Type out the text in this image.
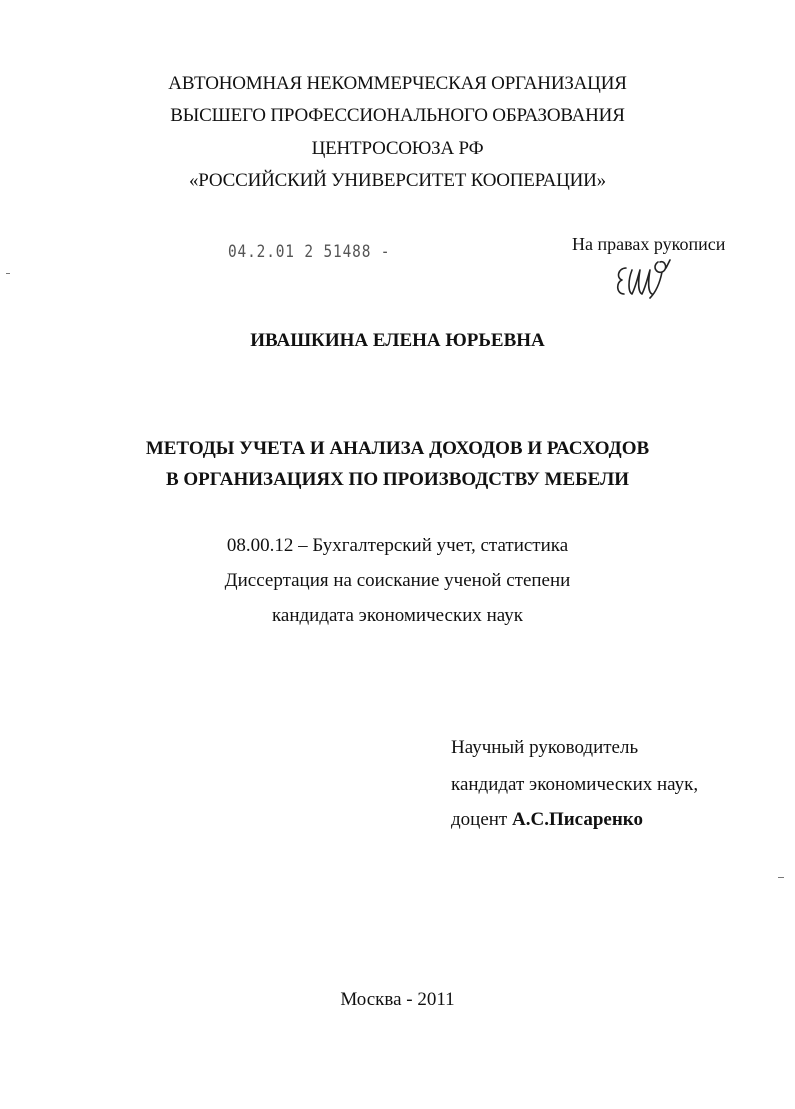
АВТОНОМНАЯ НЕКОММЕРЧЕСКАЯ ОРГАНИЗАЦИЯ
ВЫСШЕГО ПРОФЕССИОНАЛЬНОГО ОБРАЗОВАНИЯ
ЦЕНТРОСОЮЗА РФ
«РОССИЙСКИЙ УНИВЕРСИТЕТ КООПЕРАЦИИ»
04.2.01 2 51488 -	На правах рукописи
ИВАШКИНА ЕЛЕНА ЮРЬЕВНА
МЕТОДЫ УЧЕТА И АНАЛИЗА ДОХОДОВ И РАСХОДОВ
В ОРГАНИЗАЦИЯХ ПО ПРОИЗВОДСТВУ МЕБЕЛИ
08.00.12 – Бухгалтерский учет, статистика
Диссертация на соискание ученой степени
кандидата экономических наук
Научный руководитель
кандидат экономических наук,
доцент А.С.Писаренко
Москва - 2011
